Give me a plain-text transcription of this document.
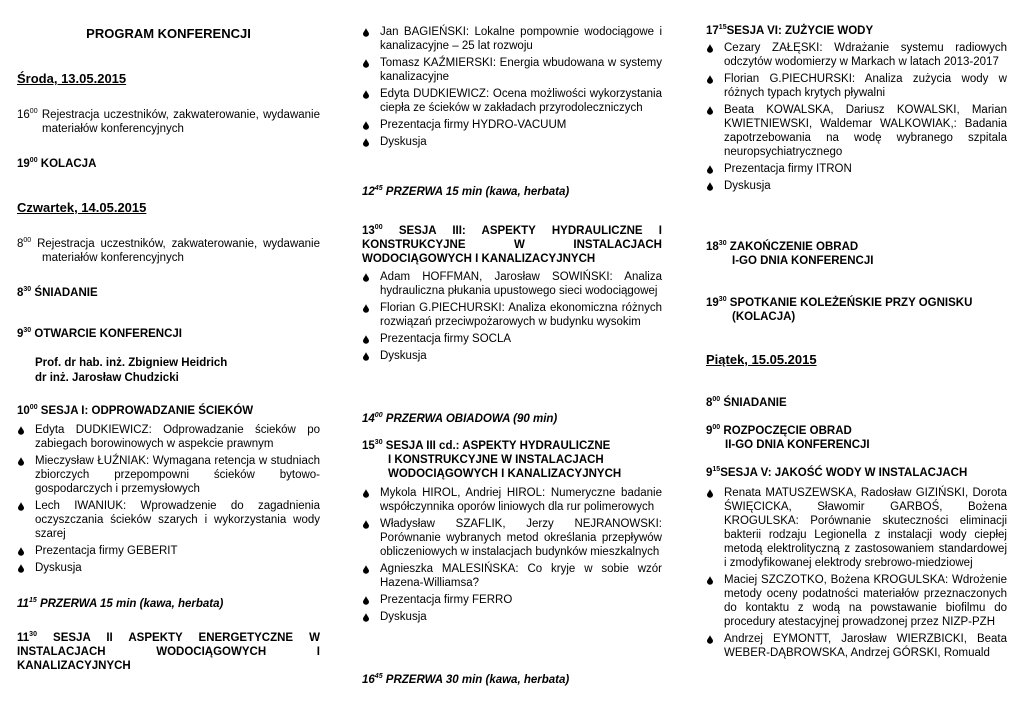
PROGRAM KONFERENCJI
Środa, 13.05.2015
$16^{00}$ Rejestracja uczestników, zakwaterowanie, wydawanie materiałów konferencyjnych
$19^{00}$ KOLACJA
Czwartek, 14.05.2015
$8^{00}$ Rejestracja uczestników, zakwaterowanie, wydawanie materiałów konferencyjnych
$8^{30}$ ŚNIADANIE
$9^{30}$ OTWARCIE KONFERENCJI
Prof. dr hab. inż. Zbigniew Heidrich
dr inż. Jarosław Chudzicki
$10^{00}$ SESJA I: ODPROWADZANIE ŚCIEKÓW
Edyta DUDKIEWICZ: Odprowadzanie ścieków po zabiegach borowinowych w aspekcie prawnym
Mieczysław ŁUŹNIAK: Wymagana retencja w studniach zbiorczych przepompowni ścieków bytowo-gospodarczych i przemysłowych
Lech IWANIUK: Wprowadzenie do zagadnienia oczyszczania ścieków szarych i wykorzystania wody szarej
Prezentacja firmy GEBERIT
Dyskusja
$11^{15}$ PRZERWA 15 min (kawa, herbata)
$11^{30}$ SESJA II ASPEKTY ENERGETYCZNE W INSTALACJACH WODOCIĄGOWYCH I KANALIZACYJNYCH
Jan BAGIEŃSKI: Lokalne pompownie wodociągowe i kanalizacyjne – 25 lat rozwoju
Tomasz KAŹMIERSKI: Energia wbudowana w systemy kanalizacyjne
Edyta DUDKIEWICZ: Ocena możliwości wykorzystania ciepła ze ścieków w zakładach przyrodoleczniczych
Prezentacja firmy HYDRO-VACUUM
Dyskusja
$12^{45}$ PRZERWA 15 min (kawa, herbata)
$13^{00}$ SESJA III: ASPEKTY HYDRAULICZNE I KONSTRUKCYJNE W INSTALACJACH WODOCIĄGOWYCH I KANALIZACYJNYCH
Adam HOFFMAN, Jarosław SOWIŃSKI: Analiza hydrauliczna płukania upustowego sieci wodociągowej
Florian G.PIECHURSKI: Analiza ekonomiczna różnych rozwiązań przeciwpożarowych w budynku wysokim
Prezentacja firmy SOCLA
Dyskusja
$14^{00}$ PRZERWA OBIADOWA (90 min)
$15^{30}$ SESJA III cd.: ASPEKTY HYDRAULICZNE
I KONSTRUKCYJNE W INSTALACJACH WODOCIĄGOWYCH I KANALIZACYJNYCH
Mykola HIROL, Andriej HIROL: Numeryczne badanie współczynnika oporów liniowych dla rur polimerowych
Władysław SZAFLIK, Jerzy NEJRANOWSKI: Porównanie wybranych metod określania przepływów obliczeniowych w instalacjach budynków mieszkalnych
Agnieszka MALESIŃSKA: Co kryje w sobie wzór Hazena-Williamsa?
Prezentacja firmy FERRO
Dyskusja
$16^{45}$ PRZERWA 30 min (kawa, herbata)
$17^{15}SESJA$ VI: ZUŻYCIE WODY
Cezary ZAŁĘSKI: Wdrażanie systemu radiowych odczytów wodomierzy w Markach w latach 2013-2017
Florian G.PIECHURSKI: Analiza zużycia wody w różnych typach krytych pływalni
Beata KOWALSKA, Dariusz KOWALSKI, Marian KWIETNIEWSKI, Waldemar WALKOWIAK,: Badania zapotrzebowania na wodę wybranego szpitala neuropsychiatrycznego
Prezentacja firmy ITRON
Dyskusja
$18^{30}$ ZAKOŃCZENIE OBRAD
I-GO DNIA KONFERENCJI
$19^{30}$ SPOTKANIE KOLEŻEŃSKIE PRZY OGNISKU
(KOLACJA)
Piątek, 15.05.2015
$8^{00}$ ŚNIADANIE
$9^{00}$ ROZPOCZĘCIE OBRAD
II-GO DNIA KONFERENCJI
$9^{15}SESJA$ V: JAKOŚĆ WODY W INSTALACJACH
Renata MATUSZEWSKA, Radosław GIZIŃSKI, Dorota ŚWIĘCICKA, Sławomir GARBOŚ, Bożena KROGULSKA: Porównanie skuteczności eliminacji bakterii rodzaju Legionella z instalacji wody ciepłej metodą elektrolityczną z zastosowaniem standardowej i zmodyfikowanej elektrody srebrowo-miedziowej
Maciej SZCZOTKO, Bożena KROGULSKA: Wdrożenie metody oceny podatności materiałów przeznaczonych do kontaktu z wodą na powstawanie biofilmu do procedury atestacyjnej prowadzonej przez NIZP-PZH
Andrzej EYMONTT, Jarosław WIERZBICKI, Beata WEBER-DĄBROWSKA, Andrzej GÓRSKI, Romuald
